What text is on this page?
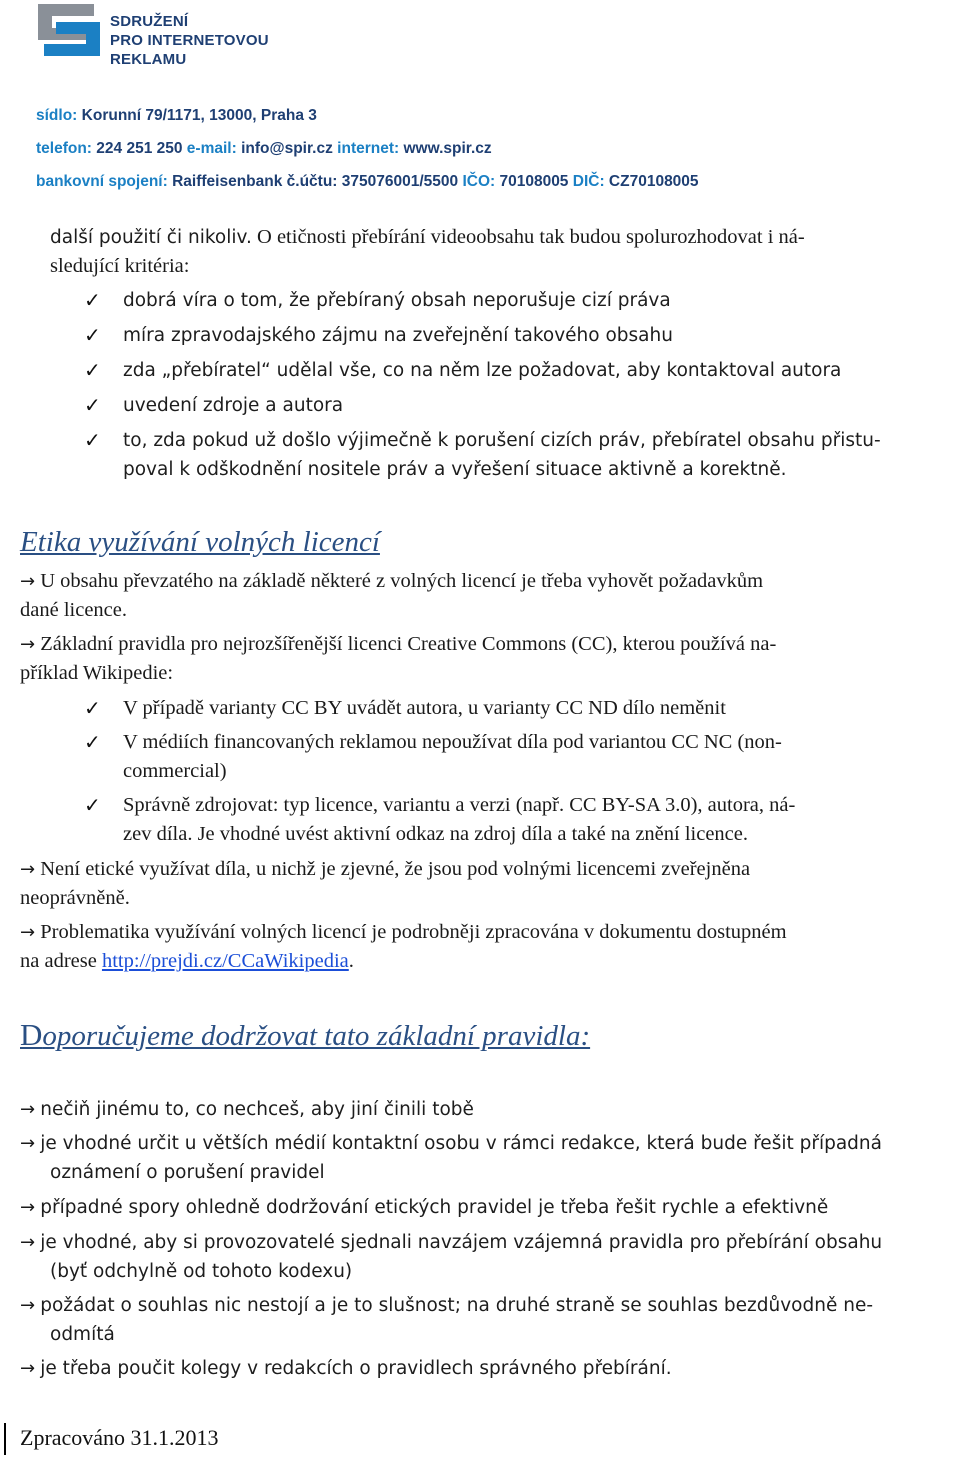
SDRUŽENÍ
PRO INTERNETOVOU
REKLAMU
sídlo: Korunní 79/1171, 13000, Praha 3
telefon: 224 251 250 e-mail: info@spir.cz internet: www.spir.cz
bankovní spojení: Raiffeisenbank č.účtu: 375076001/5500 IČO: 70108005 DIČ: CZ70108005
další použití či nikoliv. O etičnosti přebírání videoobsahu tak budou spolurozhodovat i ná-
sledující kritéria:
✓ dobrá víra o tom, že přebíraný obsah neporušuje cizí práva
✓ míra zpravodajského zájmu na zveřejnění takového obsahu
✓ zda „přebíratel“ udělal vše, co na něm lze požadovat, aby kontaktoval autora
✓ uvedení zdroje a autora
✓ to, zda pokud už došlo výjimečně k porušení cizích práv, přebíratel obsahu přistu-
poval k odškodnění nositele práv a vyřešení situace aktivně a korektně.
Etika využívání volných licencí
→ U obsahu převzatého na základě některé z volných licencí je třeba vyhovět požadavkům
dané licence.
→ Základní pravidla pro nejrozšířenější licenci Creative Commons (CC), kterou používá na-
příklad Wikipedie:
✓ V případě varianty CC BY uvádět autora, u varianty CC ND dílo neměnit
✓ V médiích financovaných reklamou nepoužívat díla pod variantou CC NC (non-
commercial)
✓ Správně zdrojovat: typ licence, variantu a verzi (např. CC BY-SA 3.0), autora, ná-
zev díla. Je vhodné uvést aktivní odkaz na zdroj díla a také na znění licence.
→ Není etické využívat díla, u nichž je zjevné, že jsou pod volnými licencemi zveřejněna
neoprávněně.
→ Problematika využívání volných licencí je podrobněji zpracována v dokumentu dostupném
na adrese http://prejdi.cz/CCaWikipedia.
Doporučujeme dodržovat tato základní pravidla:
→ nečiň jinému to, co nechceš, aby jiní činili tobě
→ je vhodné určit u větších médií kontaktní osobu v rámci redakce, která bude řešit případná
oznámení o porušení pravidel
→ případné spory ohledně dodržování etických pravidel je třeba řešit rychle a efektivně
→ je vhodné, aby si provozovatelé sjednali navzájem vzájemná pravidla pro přebírání obsahu
(byť odchylně od tohoto kodexu)
→ požádat o souhlas nic nestojí a je to slušnost; na druhé straně se souhlas bezdůvodně ne-
odmítá
→ je třeba poučit kolegy v redakcích o pravidlech správného přebírání.
Zpracováno 31.1.2013
